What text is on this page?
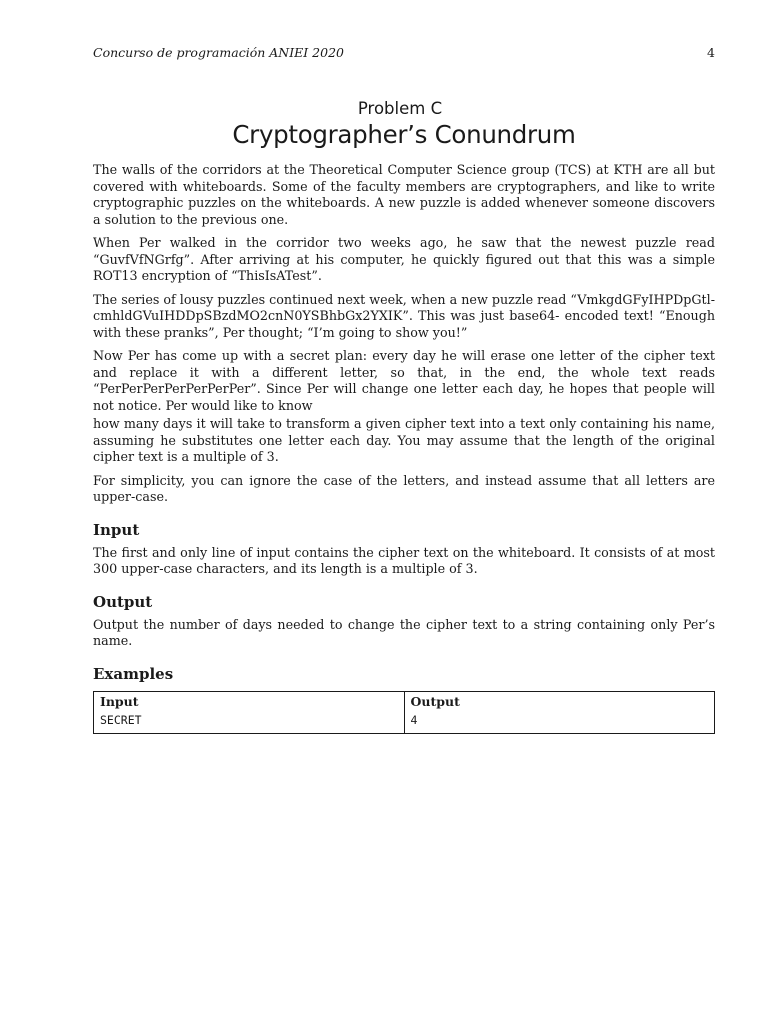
Concurso de programación ANIEI 2020	4
Problem C
Cryptographer’s Conundrum

The walls of the corridors at the Theoretical Computer Science group (TCS) at KTH are all but covered with whiteboards. Some of the faculty members are cryptographers, and like to write cryptographic puzzles on the whiteboards. A new puzzle is added whenever someone discovers a solution to the previous one.

When Per walked in the corridor two weeks ago, he saw that the newest puzzle read “GuvfVfNGrfg”. After arriving at his computer, he quickly figured out that this was a simple ROT13 encryption of “ThisIsATest”.

The series of lousy puzzles continued next week, when a new puzzle read “VmkgdGFyIHPDpGtl-cmhldGVuIHDDpSBzdMO2cnN0YSBhbGx2YXIK”. This was just base64- encoded text! “Enough with these pranks”, Per thought; “I’m going to show you!”

Now Per has come up with a secret plan: every day he will erase one letter of the cipher text and replace it with a different letter, so that, in the end, the whole text reads “PerPerPerPerPerPerPer”. Since Per will change one letter each day, he hopes that people will not notice. Per would like to know

how many days it will take to transform a given cipher text into a text only containing his name, assuming he substitutes one letter each day. You may assume that the length of the original cipher text is a multiple of 3.

For simplicity, you can ignore the case of the letters, and instead assume that all letters are upper-case.

Input

The first and only line of input contains the cipher text on the whiteboard. It consists of at most 300 upper-case characters, and its length is a multiple of 3.

Output

Output the number of days needed to change the cipher text to a string containing only Per’s name.

Examples
Input	Output
SECRET	4
